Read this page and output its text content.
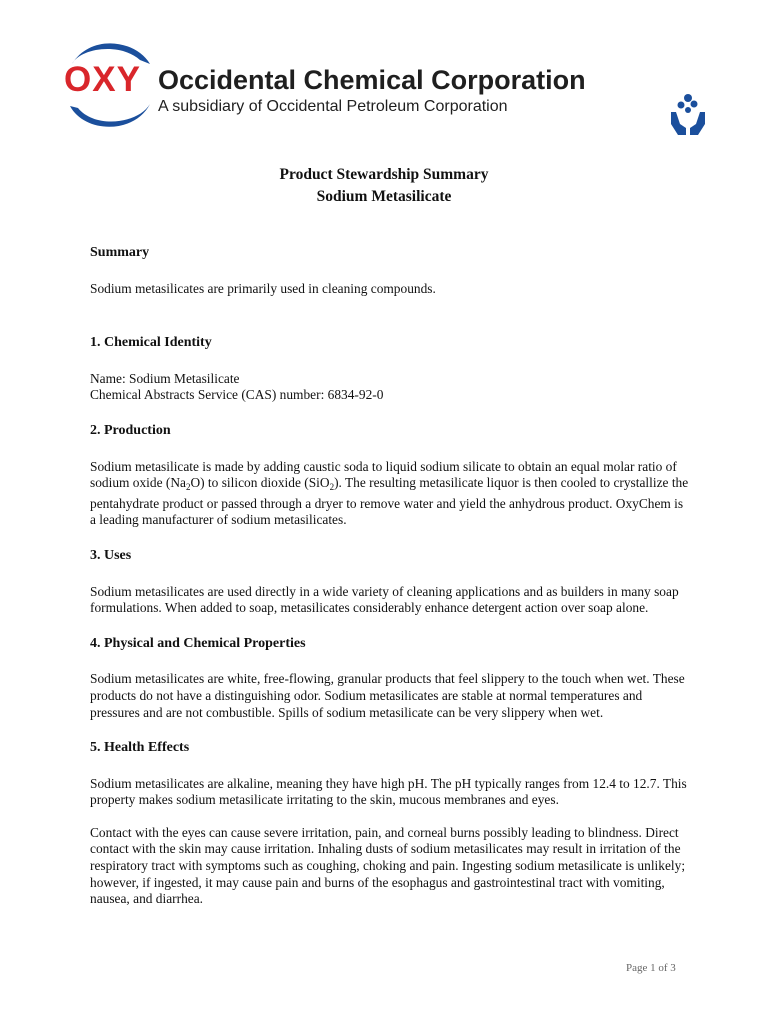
OXY Occidental Chemical Corporation
A subsidiary of Occidental Petroleum Corporation
Product Stewardship Summary
Sodium Metasilicate

Summary

Sodium metasilicates are primarily used in cleaning compounds.

1. Chemical Identity

Name: Sodium Metasilicate

Chemical Abstracts Service (CAS) number: 6834-92-0

2. Production

Sodium metasilicate is made by adding caustic soda to liquid sodium silicate to obtain an equal molar ratio of sodium oxide $(Na_2O)$ to silicon dioxide (SiO$_2$). The resulting metasilicate liquor is then cooled to crystallize the pentahydrate product or passed through a dryer to remove water and yield the anhydrous product. OxyChem is a leading manufacturer of sodium metasilicates.

3. Uses

Sodium metasilicates are used directly in a wide variety of cleaning applications and as builders in many soap formulations. When added to soap, metasilicates considerably enhance detergent action over soap alone.

4. Physical and Chemical Properties

Sodium metasilicates are white, free-flowing, granular products that feel slippery to the touch when wet. These products do not have a distinguishing odor. Sodium metasilicates are stable at normal temperatures and pressures and are not combustible. Spills of sodium metasilicate can be very slippery when wet.

5. Health Effects

Sodium metasilicates are alkaline, meaning they have high pH. The pH typically ranges from 12.4 to 12.7. This property makes sodium metasilicate irritating to the skin, mucous membranes and eyes.

Contact with the eyes can cause severe irritation, pain, and corneal burns possibly leading to blindness. Direct contact with the skin may cause irritation. Inhaling dusts of sodium metasilicates may result in irritation of the respiratory tract with symptoms such as coughing, choking and pain. Ingesting sodium metasilicate is unlikely; however, if ingested, it may cause pain and burns of the esophagus and gastrointestinal tract with vomiting, nausea, and diarrhea.

Page 1 of 3
